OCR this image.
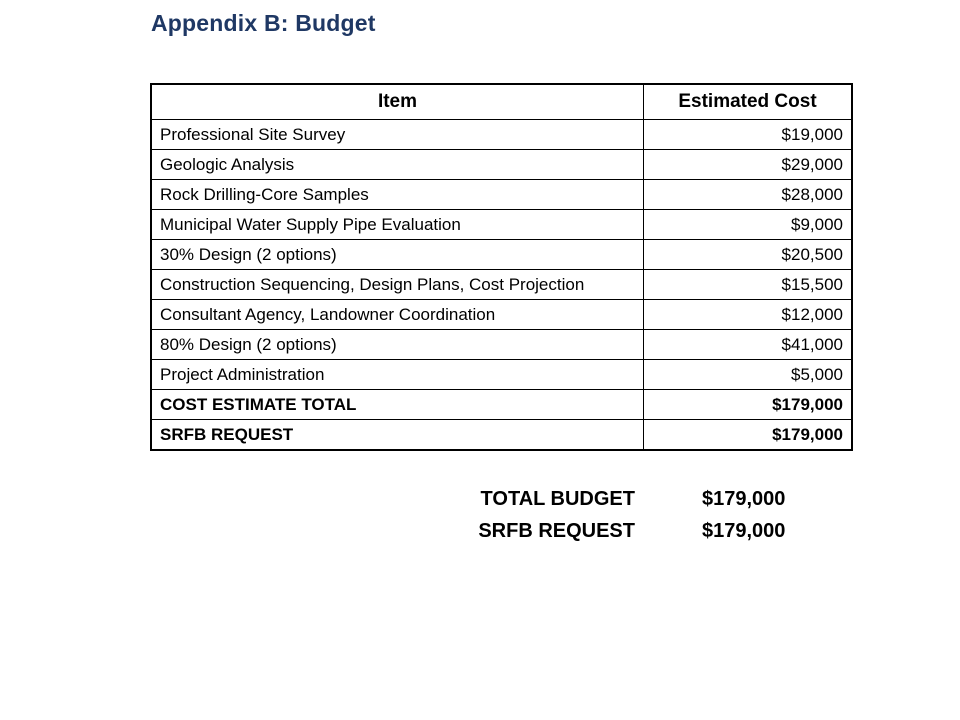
Appendix B: Budget
Item	Estimated Cost
Professional Site Survey	$19,000
Geologic Analysis	$29,000
Rock Drilling-Core Samples	$28,000
Municipal Water Supply Pipe Evaluation	$9,000
30% Design (2 options)	$20,500
Construction Sequencing, Design Plans, Cost Projection	$15,500
Consultant Agency, Landowner Coordination	$12,000
80% Design (2 options)	$41,000
Project Administration	$5,000
COST ESTIMATE TOTAL	$179,000
SRFB REQUEST	$179,000
TOTAL BUDGET	$179,000
SRFB REQUEST	$179,000
